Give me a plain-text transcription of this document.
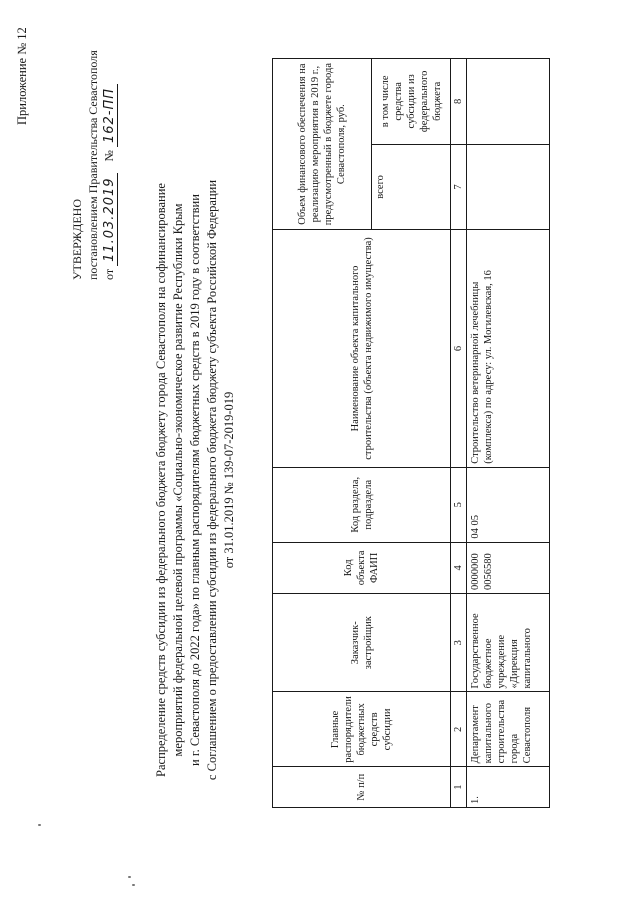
Приложение № 12
УТВЕРЖДЕНО постановлением Правительства Севастополя от 11.03.2019    № 162-ПП
Распределение средств субсидии из федерального бюджета бюджету города Севастополя на софинансирование мероприятий федеральной целевой программы «Социально-экономическое развитие Республики Крым и г. Севастополя до 2022 года» по главным распорядителям бюджетных средств в 2019 году в соответствии с Соглашением о предоставлении субсидии из федерального бюджета бюджету субъекта Российской Федерации от 31.01.2019 № 139-07-2019-019
№ п/п	Главные распорядители бюджетных средств субсидии	Заказчик-застройщик	Код объекта ФАИП	Код раздела, подраздела	Наименование объекта капитального строительства (объекта недвижимого имущества)	Объем финансового обеспечения на реализацию мероприятия в 2019 г., предусмотренный в бюджете города Севастополя, руб.	
						всего	в том числе средства субсидии из федерального бюджета
1	2	3	4	5	6	7	8
1.	Департамент капитального строительства города Севастополя	Государственное бюджетное учреждение «Дирекция капитального	0000000 0056580	04 05	Строительство ветеринарной лечебницы (комплекса) по адресу: ул. Могилевская, 16		
